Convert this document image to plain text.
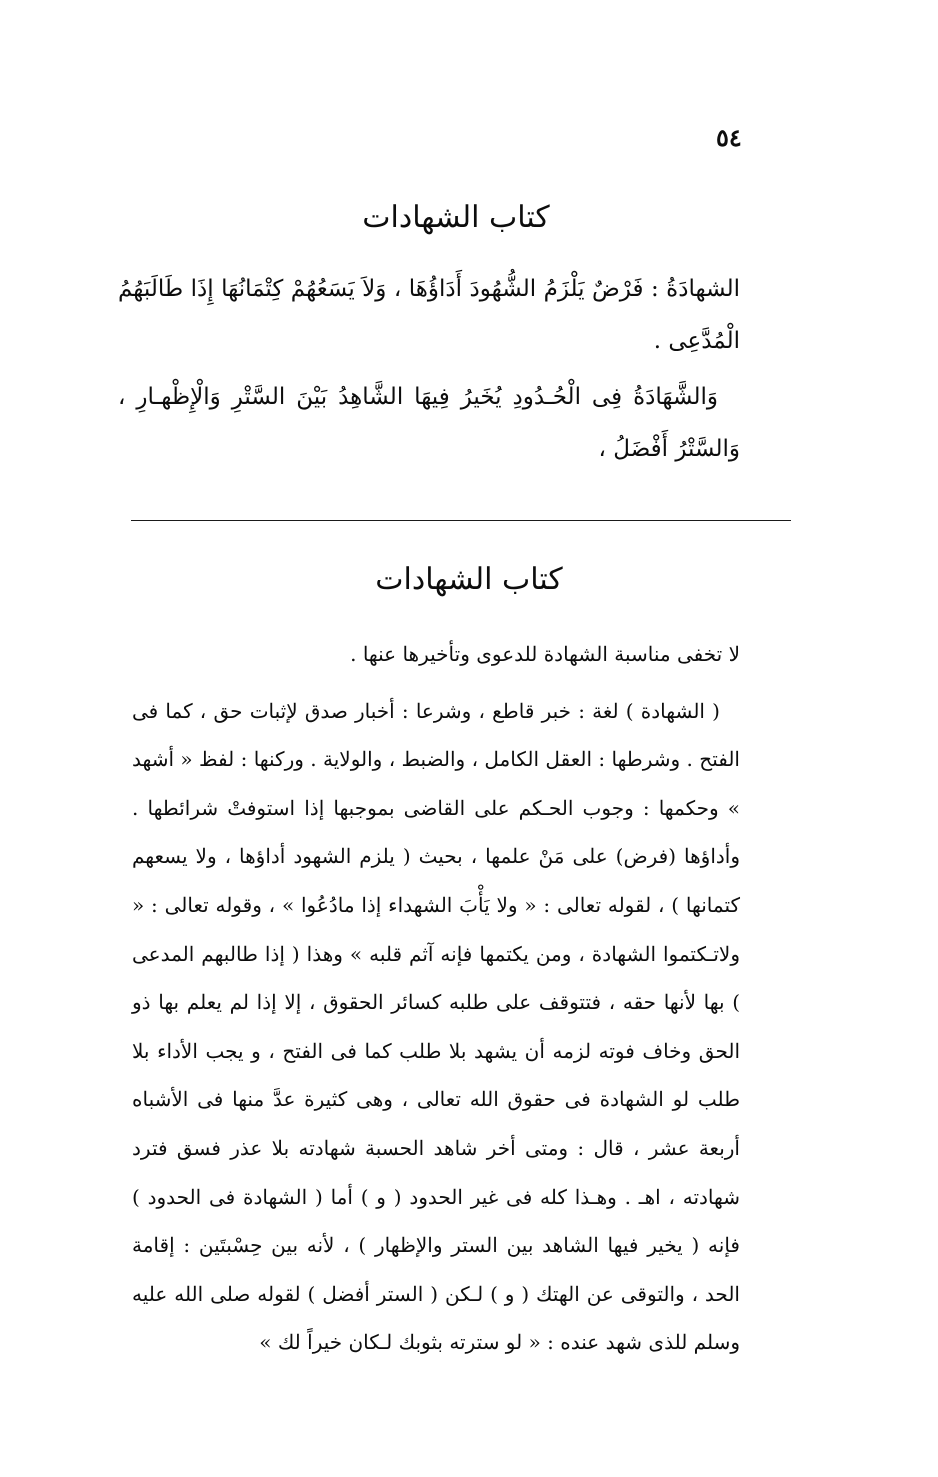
٥٤
كتاب الشهادات

الشهادَةُ : فَرْضٌ يَلْزَمُ الشُّهُودَ أَدَاؤُهَا ، وَلاَ يَسَعُهُمْ كِتْمَانُهَا إِذَا طَالَبَهُمُ الْمُدَّعِى .

وَالشَّهَادَةُ فِى الْحُـدُودِ يُخَيرُ فِيهَا الشَّاهِدُ بَيْنَ السَّتْرِ وَالْإِظْهـارِ ، وَالسَّتْرُ أَفْضَلُ ،

كتاب الشهادات

لا تخفى مناسبة الشهادة للدعوى وتأخيرها عنها .

( الشهادة ) لغة : خبر قاطع ، وشرعا : أخبار صدق لإثبات حق ، كما فى الفتح . وشرطها : العقل الكامل ، والضبط ، والولاية . وركنها : لفظ « أشهد » وحكمها : وجوب الحـكم على القاضى بموجبها إذا استوفتْ شرائطها . وأداؤها (فرض) على مَنْ علمها ، بحيث ( يلزم الشهود أداؤها ، ولا يسعهم كتمانها ) ، لقوله تعالى : « ولا يَأْبَ الشهداء إذا مادُعُوا » ، وقوله تعالى : « ولاتـكتموا الشهادة ، ومن يكتمها فإنه آثم قلبه » وهذا ( إذا طالبهم المدعى ) بها لأنها حقه ، فتتوقف على طلبه كسائر الحقوق ، إلا إذا لم يعلم بها ذو الحق وخاف فوته لزمه أن يشهد بلا طلب كما فى الفتح ، و يجب الأداء بلا طلب لو الشهادة فى حقوق الله تعالى ، وهى كثيرة عدَّ منها فى الأشباه أربعة عشر ، قال : ومتى أخر شاهد الحسبة شهادته بلا عذر فسق فترد شهادته ، اهـ . وهـذا كله فى غير الحدود ( و ) أما ( الشهادة فى الحدود ) فإنه ( يخير فيها الشاهد بين الستر والإظهار ) ، لأنه بين حِسْبتَين : إقامة الحد ، والتوقى عن الهتك ( و ) لـكن ( الستر أفضل ) لقوله صلى الله عليه وسلم للذى شهد عنده : « لو سترته بثوبك لـكان خيراً لك »
